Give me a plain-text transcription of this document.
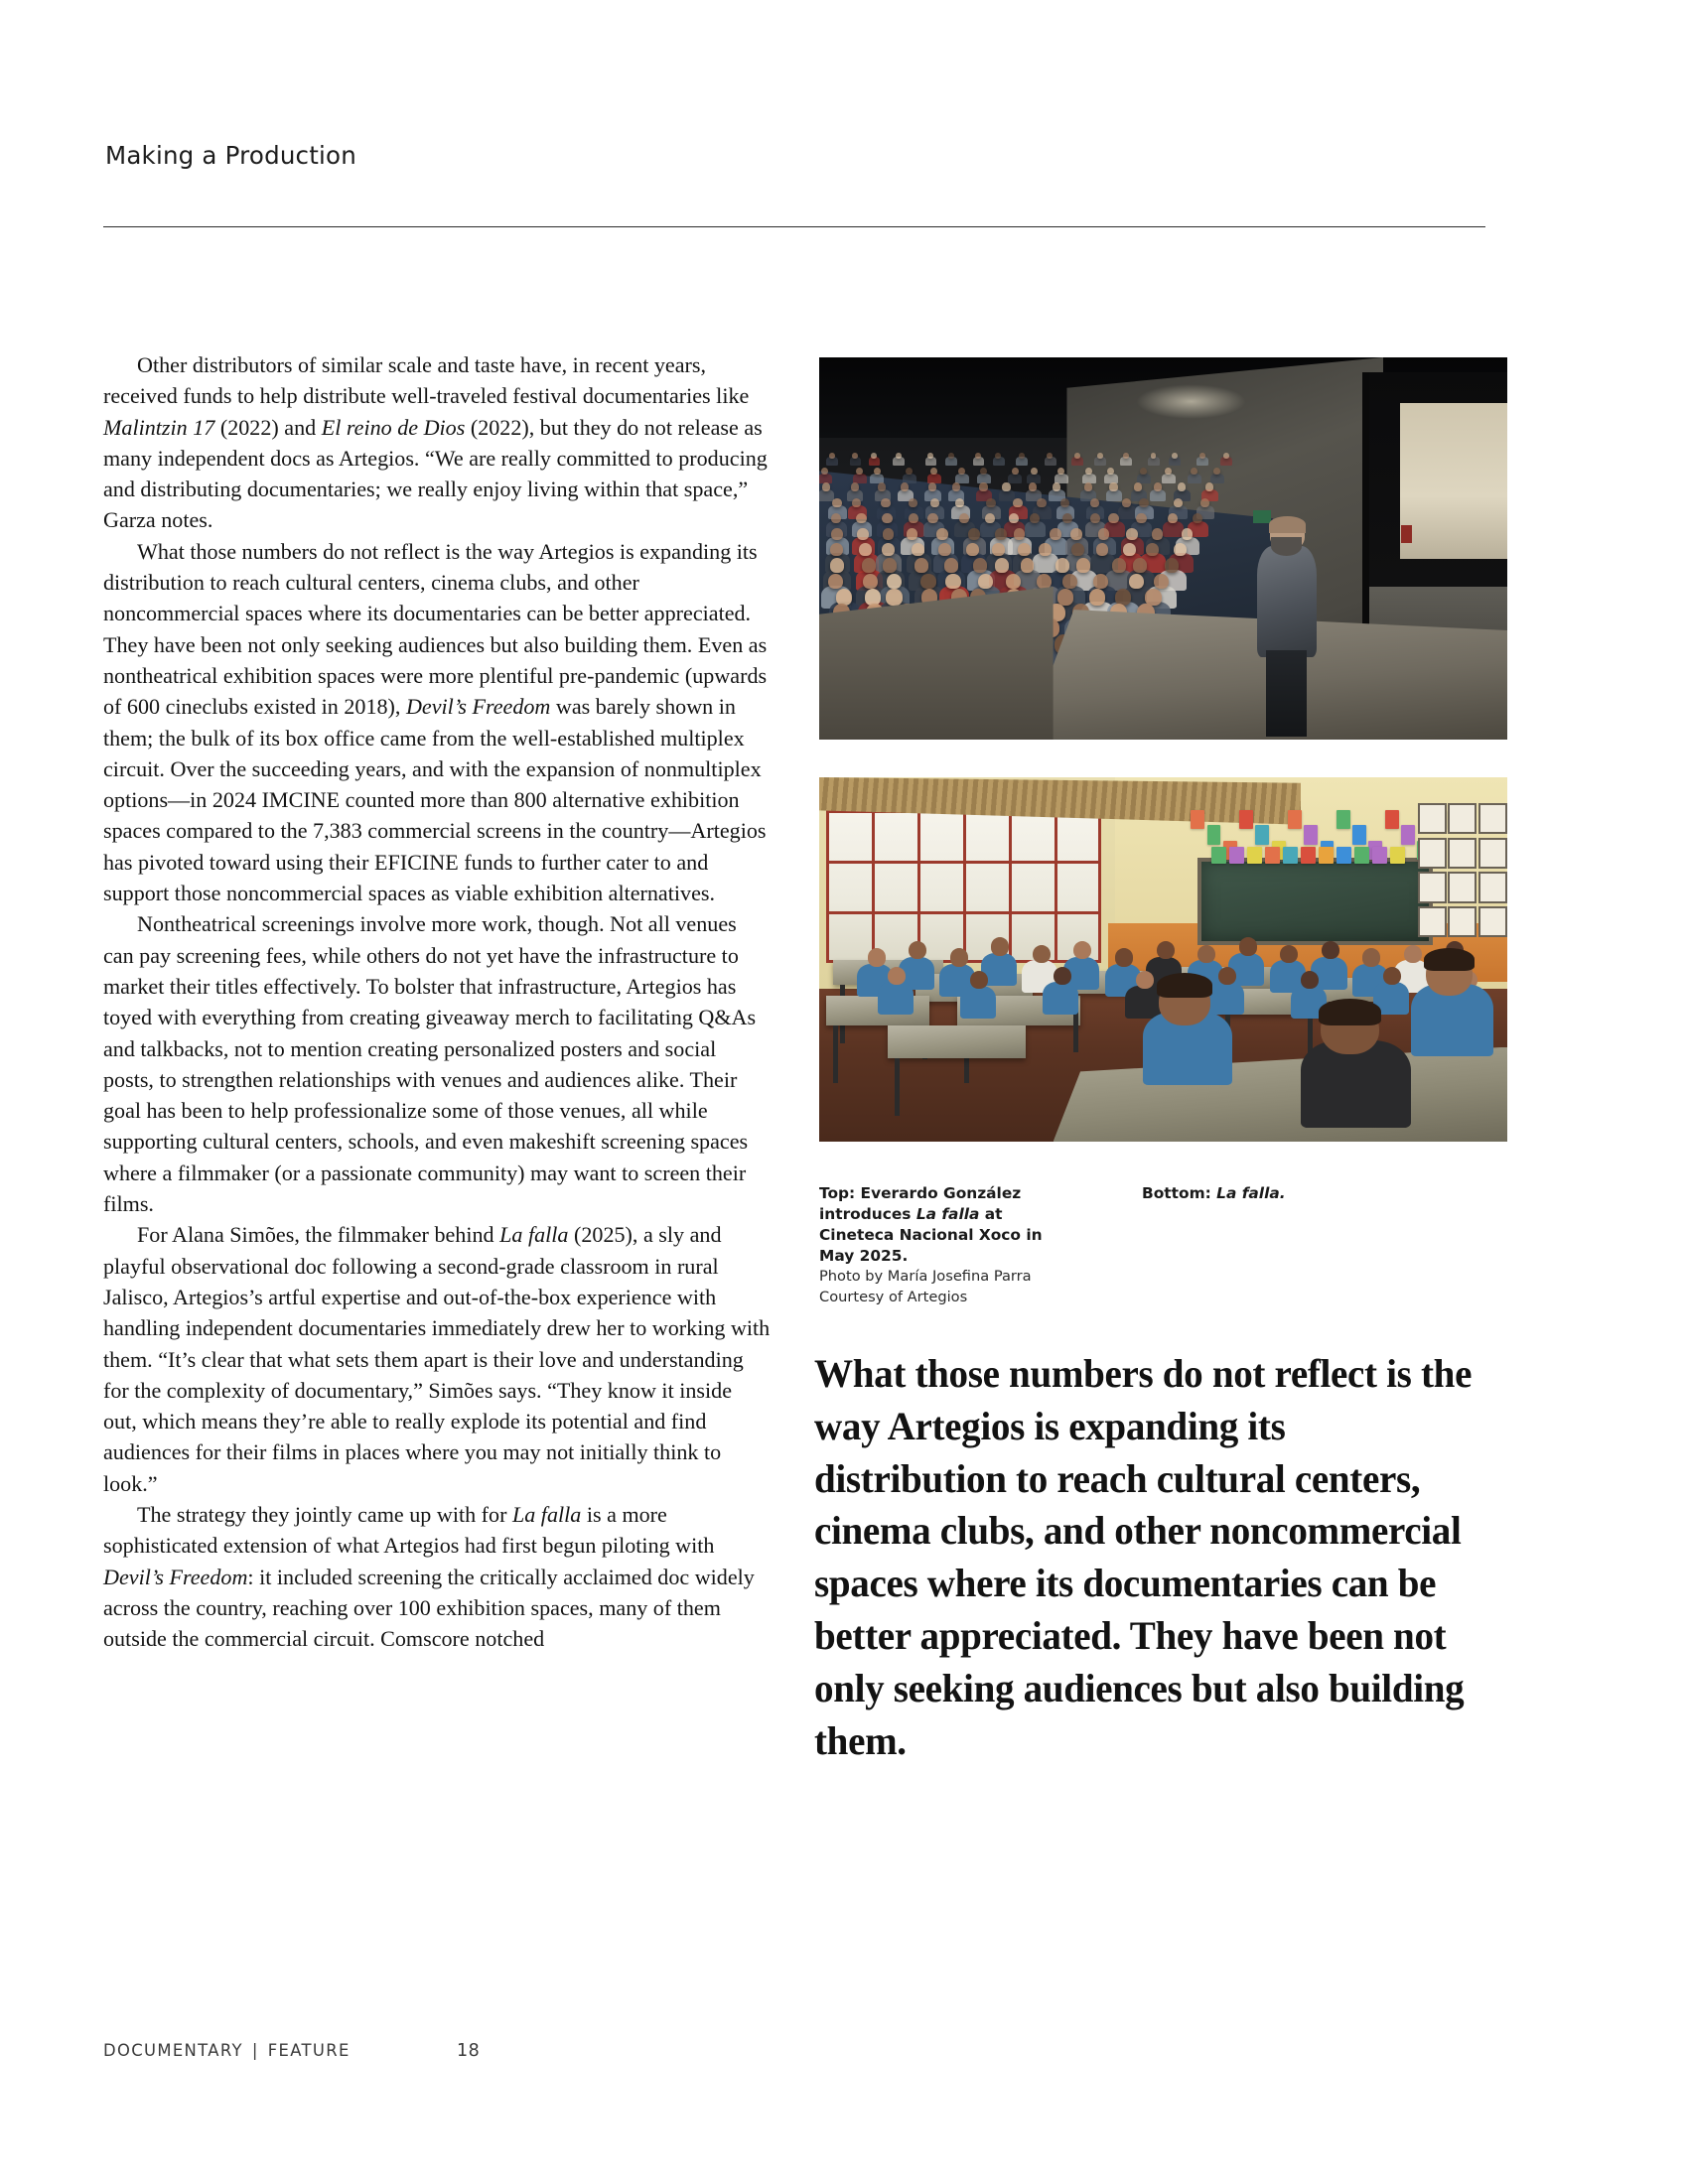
Making a Production

Other distributors of similar scale and taste have, in recent years, received funds to help distribute well-traveled festival documentaries like Malintzin 17 (2022) and El reino de Dios (2022), but they do not release as many independent docs as Artegios. “We are really committed to producing and distributing documentaries; we really enjoy living within that space,” Garza notes.

What those numbers do not reflect is the way Artegios is expanding its distribution to reach cultural centers, cinema clubs, and other noncommercial spaces where its documentaries can be better appreciated. They have been not only seeking audiences but also building them. Even as nontheatrical exhibition spaces were more plentiful pre-pandemic (upwards of 600 cineclubs existed in 2018), Devil’s Freedom was barely shown in them; the bulk of its box office came from the well-established multiplex circuit. Over the succeeding years, and with the expansion of nonmultiplex options—in 2024 IMCINE counted more than 800 alternative exhibition spaces compared to the 7,383 commercial screens in the country—Artegios has pivoted toward using their EFICINE funds to further cater to and support those noncommercial spaces as viable exhibition alternatives.

Nontheatrical screenings involve more work, though. Not all venues can pay screening fees, while others do not yet have the infrastructure to market their titles effectively. To bolster that infrastructure, Artegios has toyed with everything from creating giveaway merch to facilitating Q&As and talkbacks, not to mention creating personalized posters and social posts, to strengthen relationships with venues and audiences alike. Their goal has been to help professionalize some of those venues, all while supporting cultural centers, schools, and even makeshift screening spaces where a filmmaker (or a passionate community) may want to screen their films.

For Alana Simões, the filmmaker behind La falla (2025), a sly and playful observational doc following a second-grade classroom in rural Jalisco, Artegios’s artful expertise and out-of-the-box experience with handling independent documentaries immediately drew her to working with them. “It’s clear that what sets them apart is their love and understanding for the complexity of documentary,” Simões says. “They know it inside out, which means they’re able to really explode its potential and find audiences for their films in places where you may not initially think to look.”

The strategy they jointly came up with for La falla is a more sophisticated extension of what Artegios had first begun piloting with Devil’s Freedom: it included screening the critically acclaimed doc widely across the country, reaching over 100 exhibition spaces, many of them outside the commercial circuit. Comscore notched

Top: Everardo González introduces La falla at Cineteca Nacional Xoco in May 2025.

Photo by María Josefina Parra

Courtesy of Artegios

Bottom: La falla.

What those numbers do not reflect is the way Artegios is expanding its distribution to reach cultural centers, cinema clubs, and other noncommercial spaces where its documentaries can be better appreciated. They have been not only seeking audiences but also building them.

DOCUMENTARY | FEATURE	18
